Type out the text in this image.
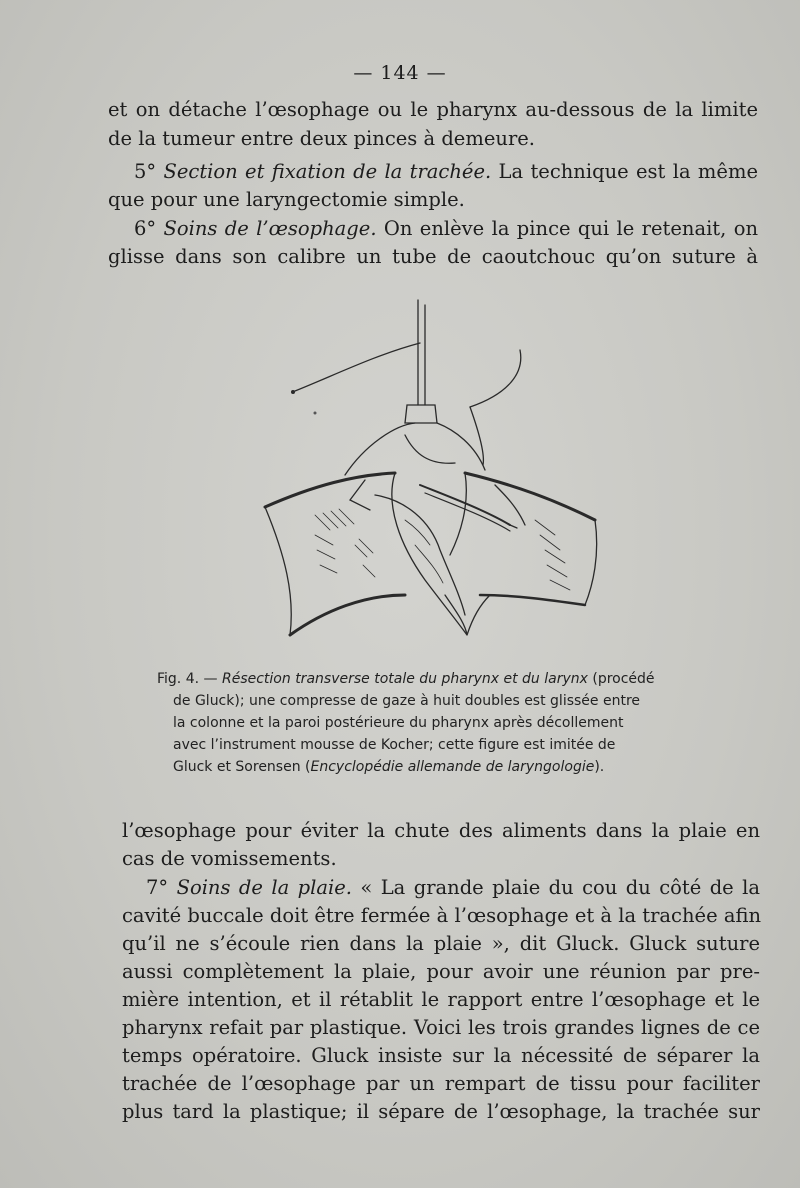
— 144 —
et on détache l’œsophage ou le pharynx au-dessous de la limite
de la tumeur entre deux pinces à demeure.
5° Section et fixation de la trachée. La technique est la même
que pour une laryngectomie simple.
6° Soins de l’œsophage. On enlève la pince qui le retenait, on
glisse dans son calibre un tube de caoutchouc qu’on suture à
Fig. 4. — Résection transverse totale du pharynx et du larynx (procédé
de Gluck); une compresse de gaze à huit doubles est glissée entre
la colonne et la paroi postérieure du pharynx après décollement
avec l’instrument mousse de Kocher; cette figure est imitée de
Gluck et Sorensen (Encyclopédie allemande de laryngologie).
l’œsophage pour éviter la chute des aliments dans la plaie en
cas de vomissements.
7° Soins de la plaie. « La grande plaie du cou du côté de la
cavité buccale doit être fermée à l’œsophage et à la trachée afin
qu’il ne s’écoule rien dans la plaie », dit Gluck. Gluck suture
aussi complètement la plaie, pour avoir une réunion par pre-
mière intention, et il rétablit le rapport entre l’œsophage et le
pharynx refait par plastique. Voici les trois grandes lignes de ce
temps opératoire. Gluck insiste sur la nécessité de séparer la
trachée de l’œsophage par un rempart de tissu pour faciliter
plus tard la plastique; il sépare de l’œsophage, la trachée sur
